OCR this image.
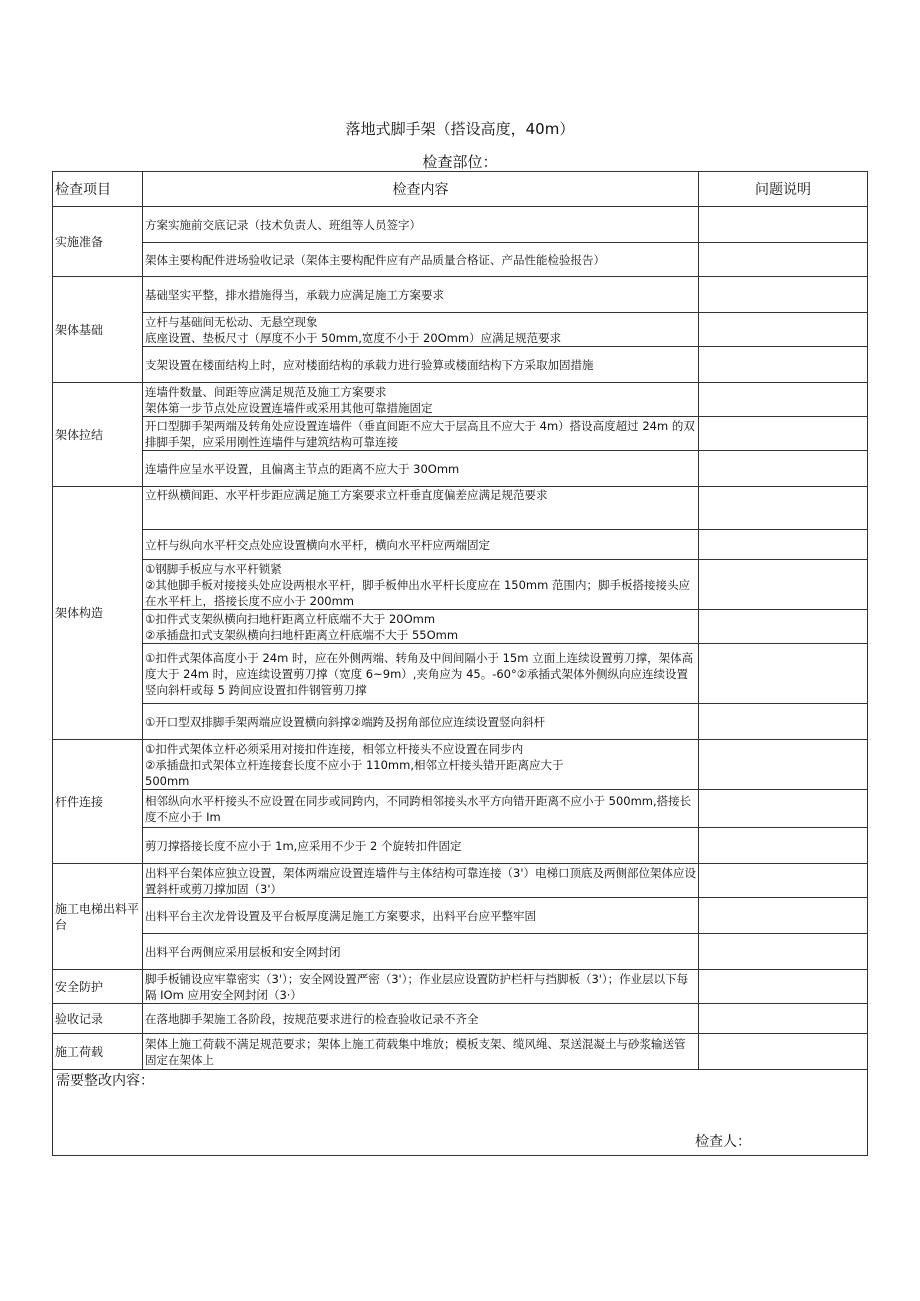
落地式脚手架（搭设高度，40m）
检查部位：
检查项目	检查内容	问题说明
实施准备	方案实施前交底记录（技术负责人、班组等人员签字）	
	架体主要构配件进场验收记录（架体主要构配件应有产品质量合格证、产品性能检验报告）	
架体基础	基础坚实平整，排水措施得当，承载力应满足施工方案要求	
	立杆与基础间无松动、无悬空现象
底座设置、垫板尺寸（厚度不小于 50mm,宽度不小于 20Omm）应满足规范要求	
	支架设置在楼面结构上时，应对楼面结构的承载力进行验算或楼面结构下方采取加固措施	
架体拉结	连墙件数量、间距等应满足规范及施工方案要求
架体第一步节点处应设置连墙件或采用其他可靠措施固定	
	开口型脚手架两端及转角处应设置连墙件（垂直间距不应大于层高且不应大于 4m）搭设高度超过 24m 的双排脚手架，应采用刚性连墙件与建筑结构可靠连接	
	连墙件应呈水平设置，且偏离主节点的距离不应大于 30Omm	
架体构造	立杆纵横间距、水平杆步距应满足施工方案要求立杆垂直度偏差应满足规范要求	
	立杆与纵向水平杆交点处应设置横向水平杆，横向水平杆应两端固定	
	①钢脚手板应与水平杆锁紧
②其他脚手板对接接头处应设两根水平杆，脚手板伸出水平杆长度应在 150mm 范围内；脚手板搭接接头应在水平杆上，搭接长度不应小于 200mm	
	①扣件式支架纵横向扫地杆距离立杆底端不大于 20Omm
②承插盘扣式支架纵横向扫地杆距离立杆底端不大于 55Omm	
	①扣件式架体高度小于 24m 时，应在外侧两端、转角及中间间隔小于 15m 立面上连续设置剪刀撑，架体高度大于 24m 时，应连续设置剪刀撑（宽度 6~9m）,夹角应为 45。-60°②承插式架体外侧纵向应连续设置竖向斜杆或每 5 跨间应设置扣件钢管剪刀撑	
	①开口型双排脚手架两端应设置横向斜撑②端跨及拐角部位应连续设置竖向斜杆	
杆件连接	①扣件式架体立杆必须采用对接扣件连接，相邻立杆接头不应设置在同步内
②承插盘扣式架体立杆连接套长度不应小于 110mm,相邻立杆接头错开距离应大于
500mm	
	相邻纵向水平杆接头不应设置在同步或同跨内，不同跨相邻接头水平方向错开距离不应小于 500mm,搭接长度不应小于 Im	
	剪刀撑搭接长度不应小于 1m,应采用不少于 2 个旋转扣件固定	
施工电梯出料平台	出料平台架体应独立设置，架体两端应设置连墙件与主体结构可靠连接（3'）电梯口顶底及两侧部位架体应设置斜杆或剪刀撑加固（3'）	
	出料平台主次龙骨设置及平台板厚度满足施工方案要求，出料平台应平整牢固	
	出料平台两侧应采用层板和安全网封闭	
安全防护	脚手板铺设应牢靠密实（3'）；安全网设置严密（3'）；作业层应设置防护栏杆与挡脚板（3'）；作业层以下每隔 IOm 应用安全网封闭（3·）	
验收记录	在落地脚手架施工各阶段，按规范要求进行的检查验收记录不齐全	
施工荷载	架体上施工荷载不满足规范要求；架体上施工荷载集中堆放；模板支架、缆风绳、泵送混凝土与砂浆输送管固定在架体上	

需要整改内容：
检查人：		
